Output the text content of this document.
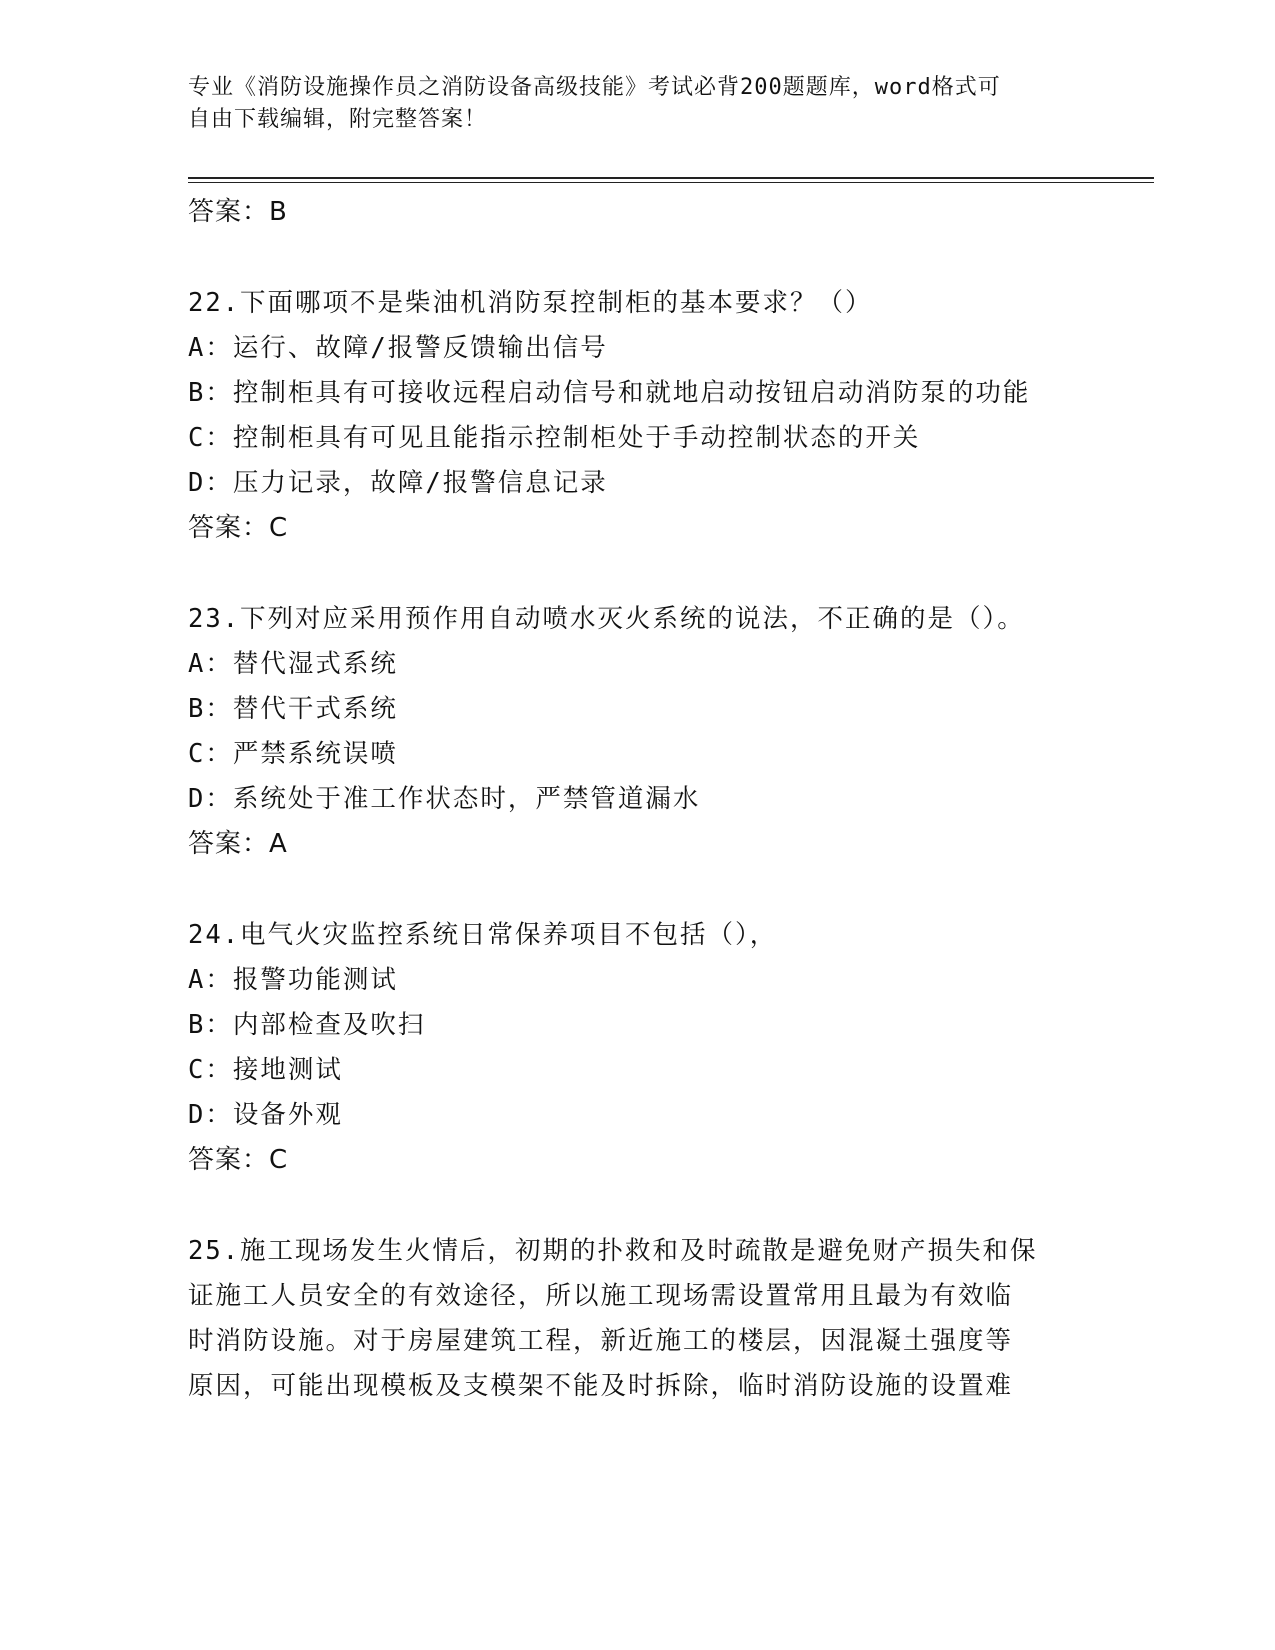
专业《消防设施操作员之消防设备高级技能》考试必背200题题库，word格式可
自由下载编辑，附完整答案！
答案：B
22.下面哪项不是柴油机消防泵控制柜的基本要求？（）
A：运行、故障/报警反馈输出信号
B：控制柜具有可接收远程启动信号和就地启动按钮启动消防泵的功能
C：控制柜具有可见且能指示控制柜处于手动控制状态的开关
D：压力记录，故障/报警信息记录
答案：C
23.下列对应采用预作用自动喷水灭火系统的说法，不正确的是（）。
A：替代湿式系统
B：替代干式系统
C：严禁系统误喷
D：系统处于准工作状态时，严禁管道漏水
答案：A
24.电气火灾监控系统日常保养项目不包括（），
A：报警功能测试
B：内部检查及吹扫
C：接地测试
D：设备外观
答案：C
25.施工现场发生火情后，初期的扑救和及时疏散是避免财产损失和保
证施工人员安全的有效途径，所以施工现场需设置常用且最为有效临
时消防设施。对于房屋建筑工程，新近施工的楼层，因混凝土强度等
原因，可能出现模板及支模架不能及时拆除，临时消防设施的设置难
